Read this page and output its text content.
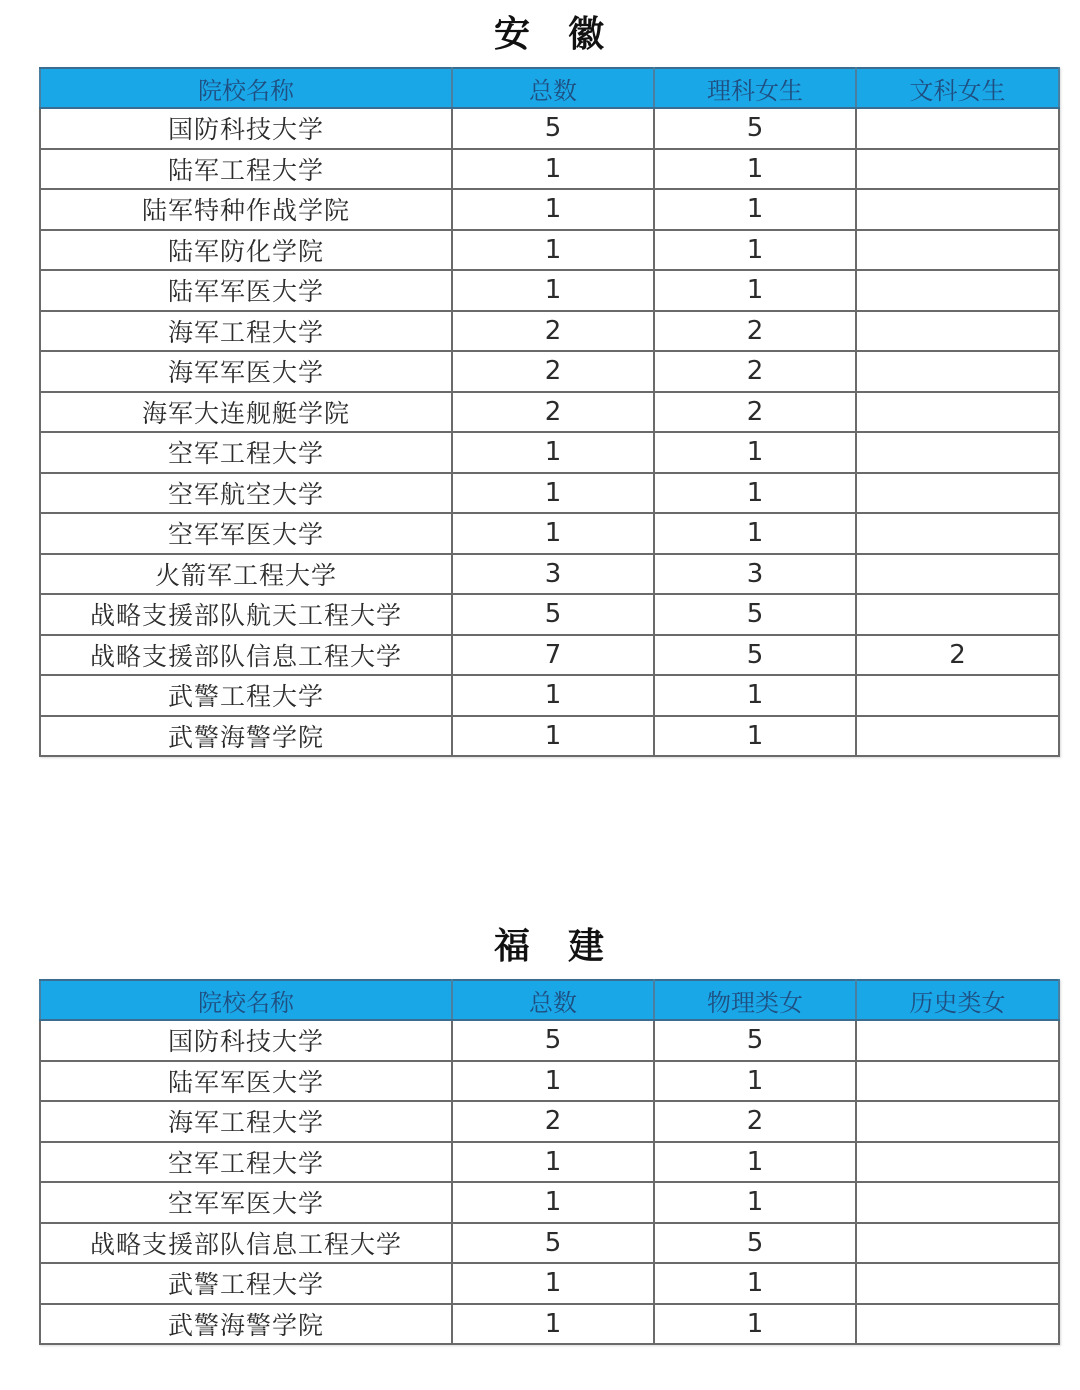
安 徽
院校名称	总数	理科女生	文科女生
国防科技大学	5	5	
陆军工程大学	1	1	
陆军特种作战学院	1	1	
陆军防化学院	1	1	
陆军军医大学	1	1	
海军工程大学	2	2	
海军军医大学	2	2	
海军大连舰艇学院	2	2	
空军工程大学	1	1	
空军航空大学	1	1	
空军军医大学	1	1	
火箭军工程大学	3	3	
战略支援部队航天工程大学	5	5	
战略支援部队信息工程大学	7	5	2
武警工程大学	1	1	
武警海警学院	1	1	
福 建
院校名称	总数	物理类女	历史类女
国防科技大学	5	5	
陆军军医大学	1	1	
海军工程大学	2	2	
空军工程大学	1	1	
空军军医大学	1	1	
战略支援部队信息工程大学	5	5	
武警工程大学	1	1	
武警海警学院	1	1	
